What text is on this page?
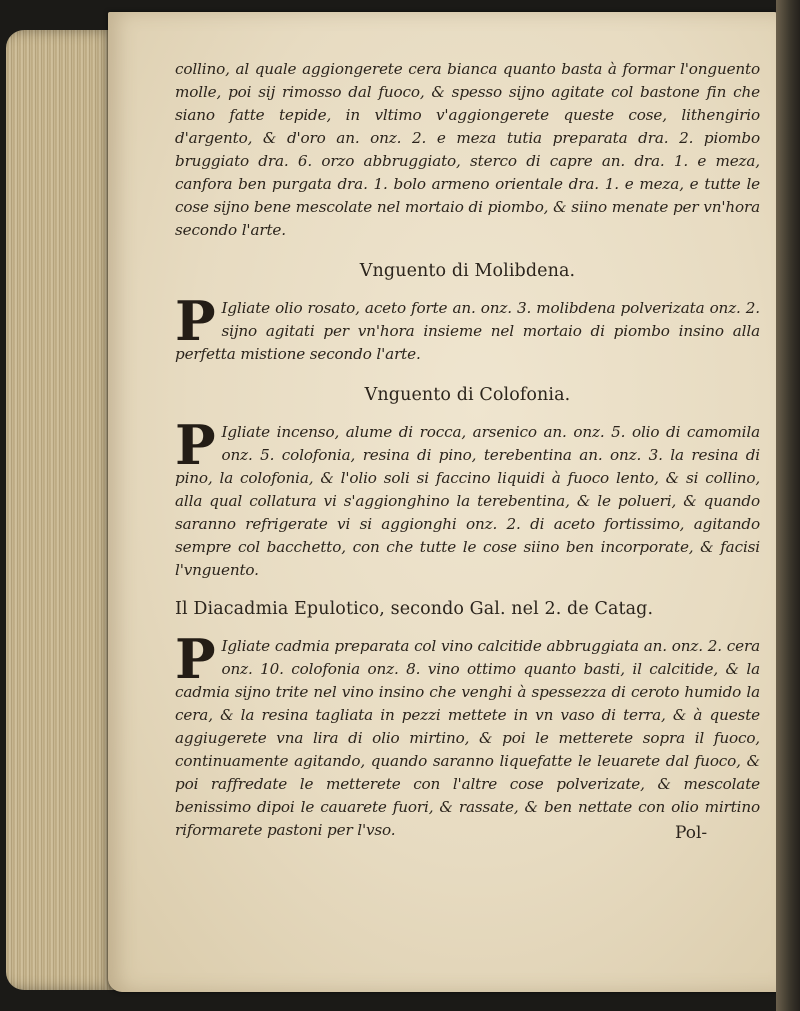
collino, al quale aggiongerete cera bianca quanto basta à formar l'onguento molle, poi sij rimosso dal fuoco, & spesso sijno agitate col bastone fin che siano fatte tepide, in vltimo v'aggiongerete queste cose, lithengirio d'argento, & d'oro an. onz. 2. e meza tutia preparata dra. 2. piombo bruggiato dra. 6. orzo abbruggiato, sterco di capre an. dra. 1. e meza, canfora ben purgata dra. 1. bolo armeno orientale dra. 1. e meza, e tutte le cose sijno bene mescolate nel mortaio di piombo, & siino menate per vn'hora secondo l'arte.

Vnguento di Molibdena.

P Igliate olio rosato, aceto forte an. onz. 3. molibdena polverizata onz. 2. sijno agitati per vn'hora insieme nel mortaio di piombo insino alla perfetta mistione secondo l'arte.

Vnguento di Colofonia.

P Igliate incenso, alume di rocca, arsenico an. onz. 5. olio di camomila onz. 5. colofonia, resina di pino, terebentina an. onz. 3. la resina di pino, la colofonia, & l'olio soli si faccino liquidi à fuoco lento, & si collino, alla qual collatura vi s'aggionghino la terebentina, & le polueri, & quando saranno refrigerate vi si aggionghi onz. 2. di aceto fortissimo, agitando sempre col bacchetto, con che tutte le cose siino ben incorporate, & facisi l'vnguento.

Il Diacadmia Epulotico, secondo Gal. nel 2. de Catag.

P Igliate cadmia preparata col vino calcitide abbruggiata an. onz. 2. cera onz. 10. colofonia onz. 8. vino ottimo quanto basti, il calcitide, & la cadmia sijno trite nel vino insino che venghi à spessezza di ceroto humido la cera, & la resina tagliata in pezzi mettete in vn vaso di terra, & à queste aggiugerete vna lira di olio mirtino, & poi le metterete sopra il fuoco, continuamente agitando, quando saranno liquefatte le leuarete dal fuoco, & poi raffredate le metterete con l'altre cose polverizate, & mescolate benissimo dipoi le cauarete fuori, & rassate, & ben nettate con olio mirtino riformarete pastoni per l'vso.	Pol-
